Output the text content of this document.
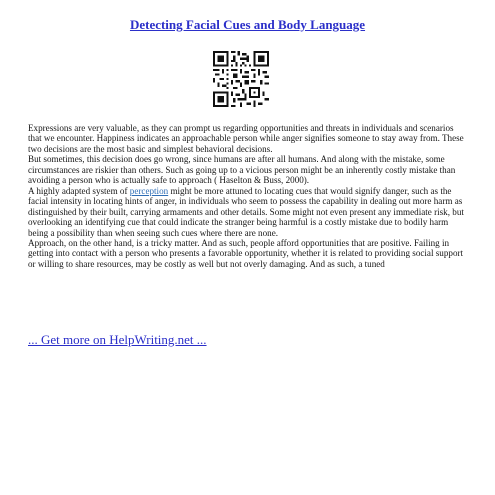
Detecting Facial Cues and Body Language

Expressions are very valuable, as they can prompt us regarding opportunities and threats in individuals and scenarios that we encounter. Happiness indicates an approachable person while anger signifies someone to stay away from. These two decisions are the most basic and simplest behavioral decisions.

But sometimes, this decision does go wrong, since humans are after all humans. And along with the mistake, some circumstances are riskier than others. Such as going up to a vicious person might be an inherently costly mistake than avoiding a person who is actually safe to approach ( Haselton & Buss, 2000).

A highly adapted system of perception might be more attuned to locating cues that would signify danger, such as the facial intensity in locating hints of anger, in individuals who seem to possess the capability in dealing out more harm as distinguished by their built, carrying armaments and other details. Some might not even present any immediate risk, but overlooking an identifying cue that could indicate the stranger being harmful is a costly mistake due to bodily harm being a possibility than when seeing such cues where there are none.

Approach, on the other hand, is a tricky matter. And as such, people afford opportunities that are positive. Failing in getting into contact with a person who presents a favorable opportunity, whether it is related to providing social support or willing to share resources, may be costly as well but not overly damaging. And as such, a tuned

... Get more on HelpWriting.net ...
